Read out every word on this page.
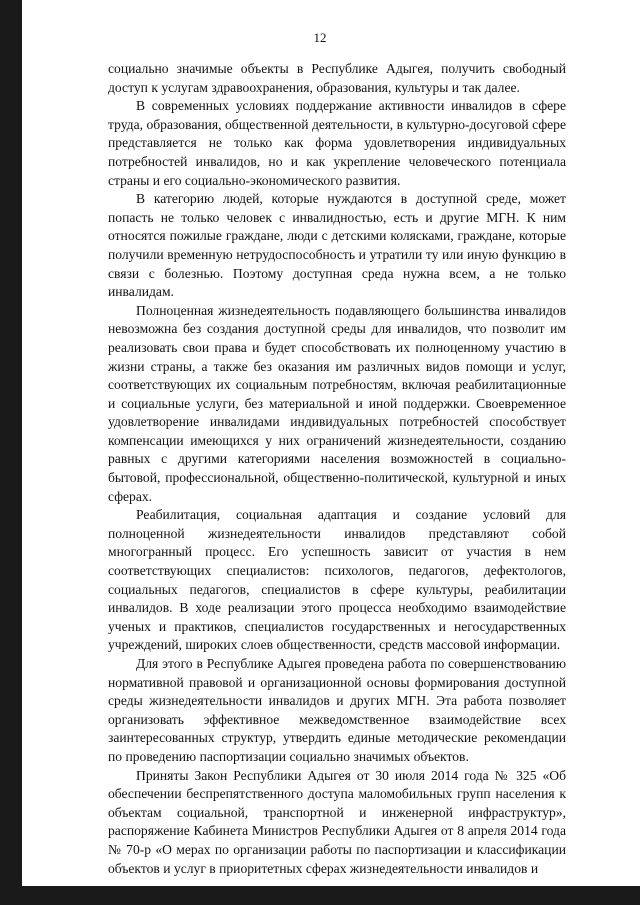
12

социально значимые объекты в Республике Адыгея, получить свободный доступ к услугам здравоохранения, образования, культуры и так далее.

В современных условиях поддержание активности инвалидов в сфере труда, образования, общественной деятельности, в культурно-досуговой сфере представляется не только как форма удовлетворения индивидуальных потребностей инвалидов, но и как укрепление человеческого потенциала страны и его социально-экономического развития.

В категорию людей, которые нуждаются в доступной среде, может попасть не только человек с инвалидностью, есть и другие МГН. К ним относятся пожилые граждане, люди с детскими колясками, граждане, которые получили временную нетрудоспособность и утратили ту или иную функцию в связи с болезнью. Поэтому доступная среда нужна всем, а не только инвалидам.

Полноценная жизнедеятельность подавляющего большинства инвалидов невозможна без создания доступной среды для инвалидов, что позволит им реализовать свои права и будет способствовать их полноценному участию в жизни страны, а также без оказания им различных видов помощи и услуг, соответствующих их социальным потребностям, включая реабилитационные и социальные услуги, без материальной и иной поддержки. Своевременное удовлетворение инвалидами индивидуальных потребностей способствует компенсации имеющихся у них ограничений жизнедеятельности, созданию равных с другими категориями населения возможностей в социально-бытовой, профессиональной, общественно-политической, культурной и иных сферах.

Реабилитация, социальная адаптация и создание условий для полноценной жизнедеятельности инвалидов представляют собой многогранный процесс. Его успешность зависит от участия в нем соответствующих специалистов: психологов, педагогов, дефектологов, социальных педагогов, специалистов в сфере культуры, реабилитации инвалидов. В ходе реализации этого процесса необходимо взаимодействие ученых и практиков, специалистов государственных и негосударственных учреждений, широких слоев общественности, средств массовой информации.

Для этого в Республике Адыгея проведена работа по совершенствованию нормативной правовой и организационной основы формирования доступной среды жизнедеятельности инвалидов и других МГН. Эта работа позволяет организовать эффективное межведомственное взаимодействие всех заинтересованных структур, утвердить единые методические рекомендации по проведению паспортизации социально значимых объектов.

Приняты Закон Республики Адыгея от 30 июля 2014 года № 325 «Об обеспечении беспрепятственного доступа маломобильных групп населения к объектам социальной, транспортной и инженерной инфраструктур», распоряжение Кабинета Министров Республики Адыгея от 8 апреля 2014 года № 70-р «О мерах по организации работы по паспортизации и классификации объектов и услуг в приоритетных сферах жизнедеятельности инвалидов и
